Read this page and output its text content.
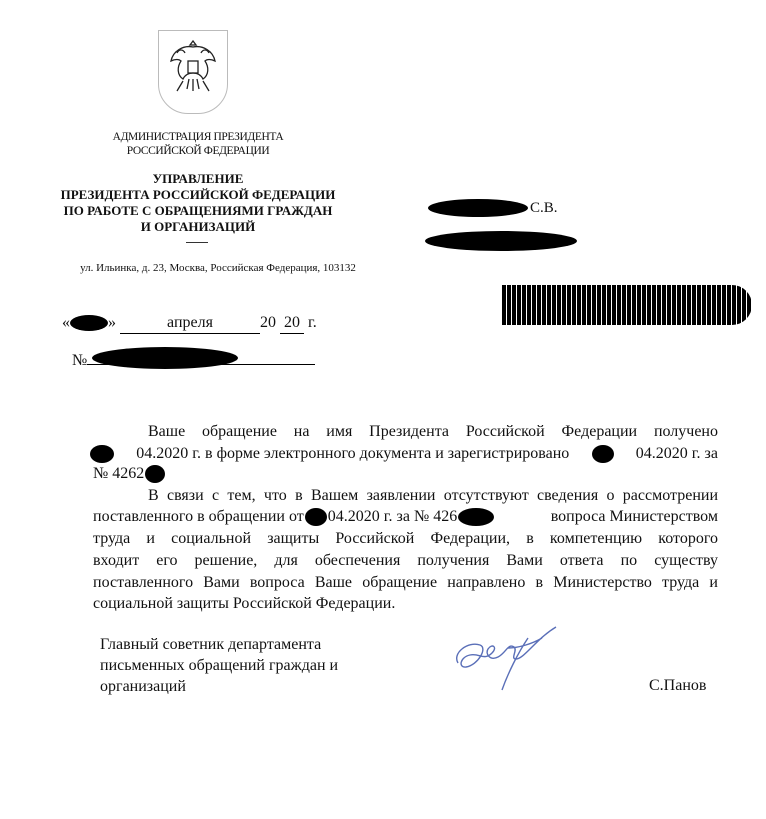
АДМИНИСТРАЦИЯ ПРЕЗИДЕНТА
РОССИЙСКОЙ ФЕДЕРАЦИИ
УПРАВЛЕНИЕ
ПРЕЗИДЕНТА РОССИЙСКОЙ ФЕДЕРАЦИИ
ПО РАБОТЕ С ОБРАЩЕНИЯМИ ГРАЖДАН
И ОРГАНИЗАЦИЙ
ул. Ильинка, д. 23, Москва, Российская Федерация, 103132
С.В.
« »	апреля	20 20 г.
№
Ваше обращение на имя Президента Российской Федерации получено
04.2020 г. в форме электронного документа и зарегистрировано	04.2020 г. за
№ 4262
В связи с тем, что в Вашем заявлении отсутствуют сведения о рассмотрении
поставленного в обращении от 04.2020 г. за № 426	вопроса Министерством
труда и социальной защиты Российской Федерации, в компетенцию которого
входит его решение, для обеспечения получения Вами ответа по существу
поставленного Вами вопроса Ваше обращение направлено в Министерство труда и
социальной защиты Российской Федерации.
Главный советник департамента
письменных обращений граждан и
организаций	С.Панов
